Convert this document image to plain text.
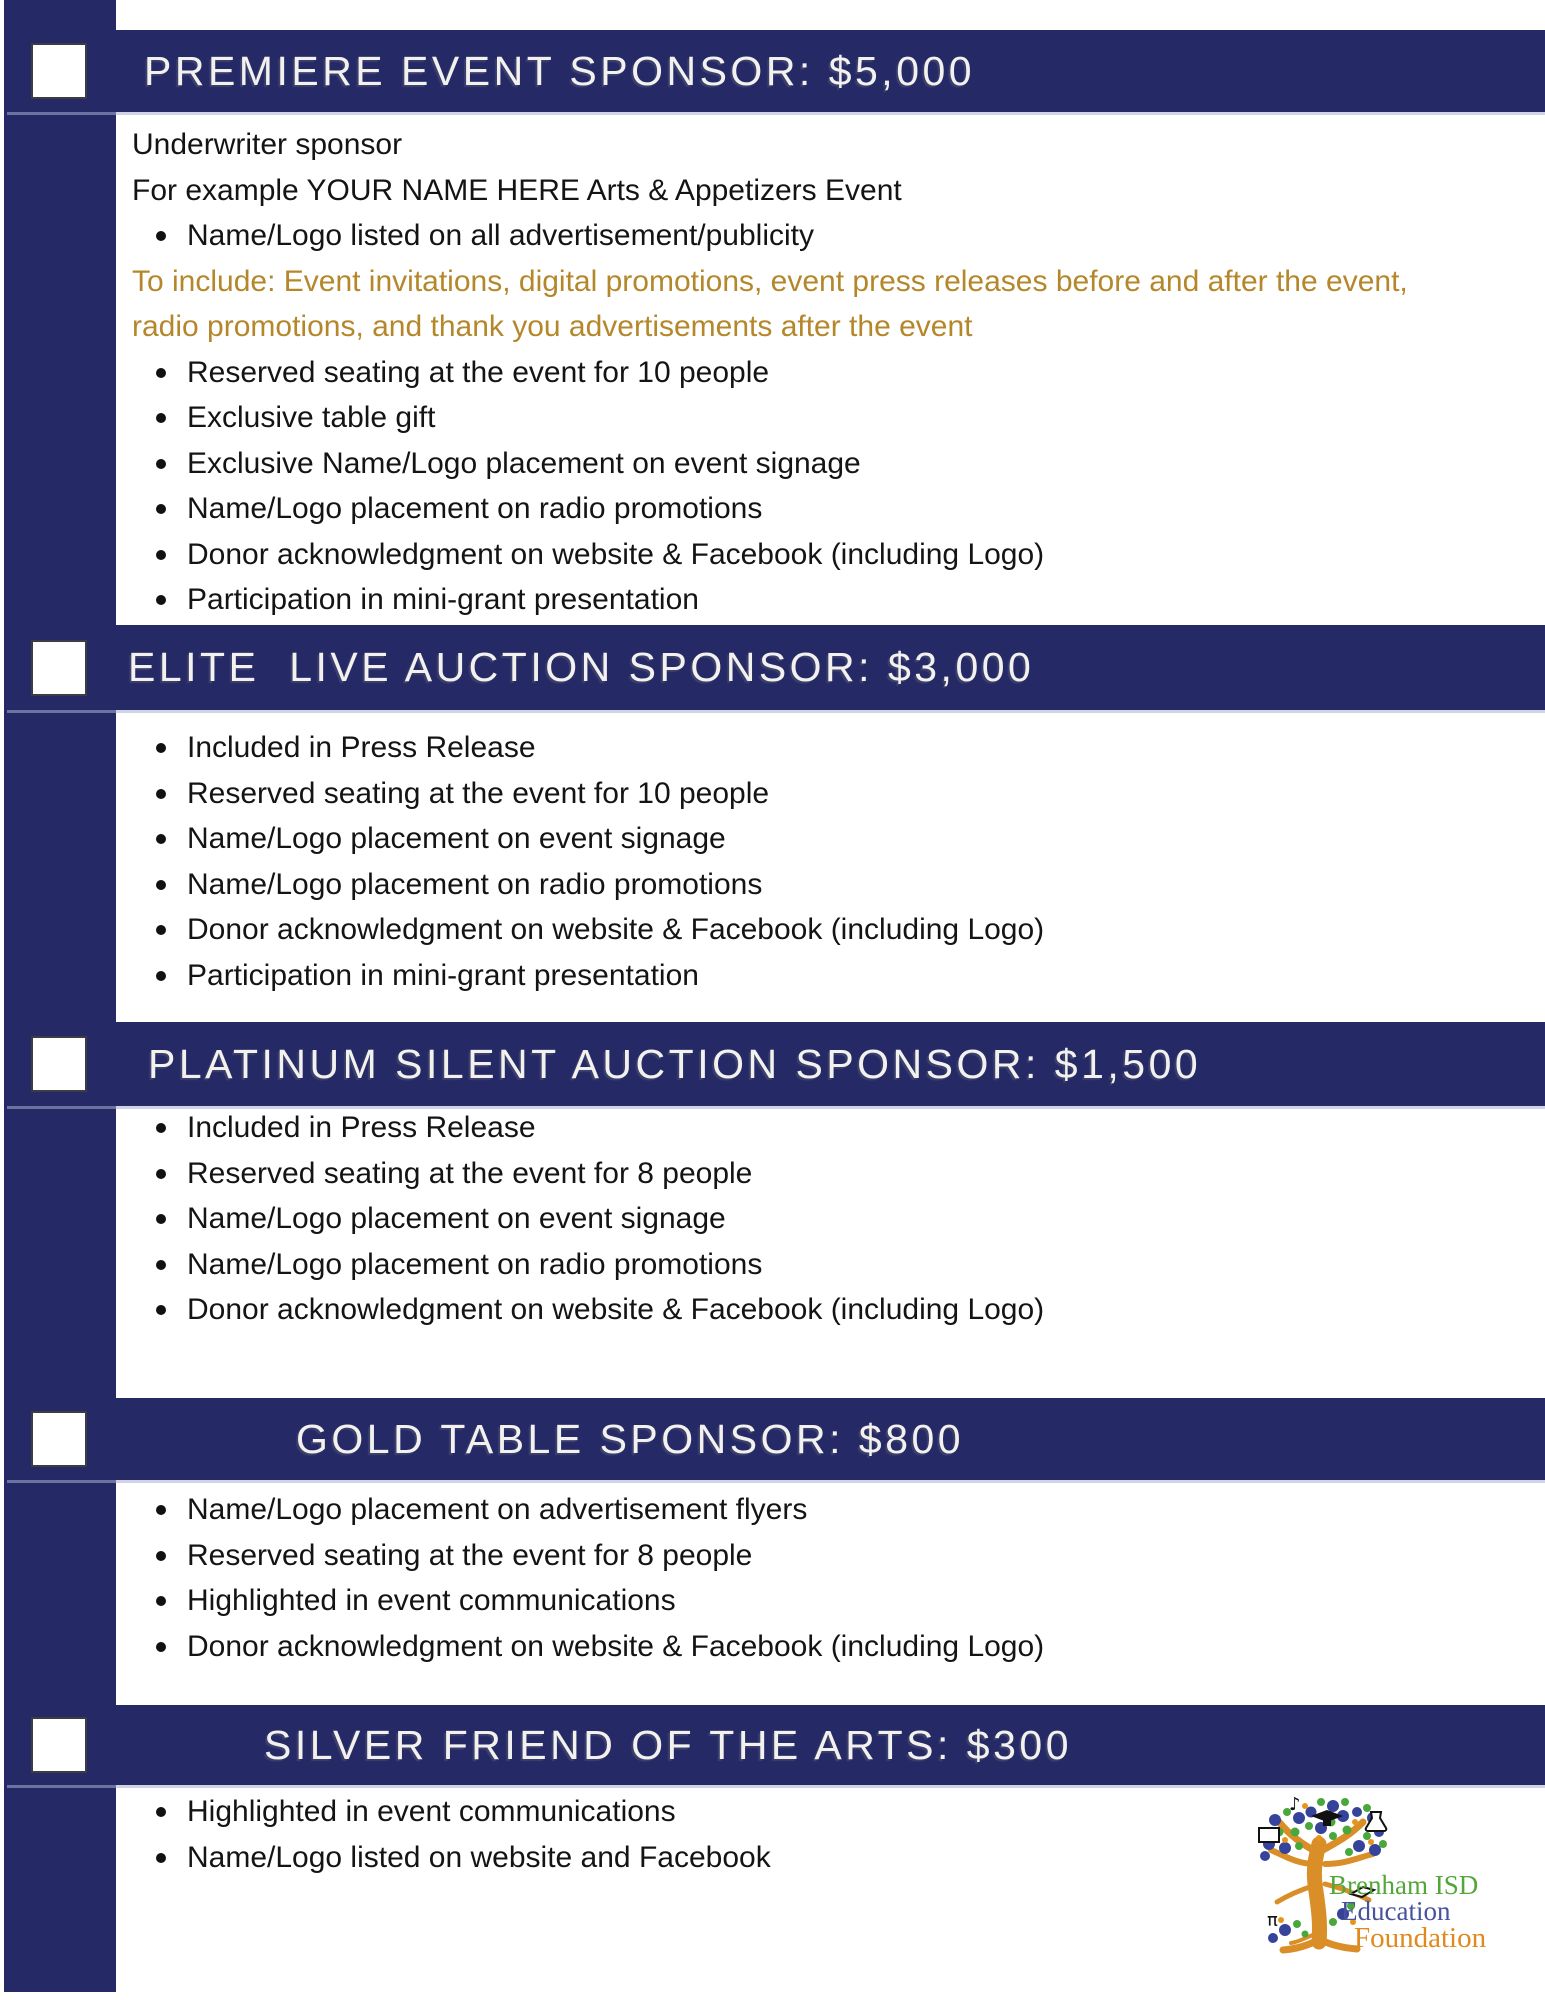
PREMIERE EVENT SPONSOR: $5,000

Underwriter sponsor

For example YOUR NAME HERE Arts & Appetizers Event

Name/Logo listed on all advertisement/publicity

To include: Event invitations, digital promotions, event press releases before and after the event, radio promotions, and thank you advertisements after the event

Reserved seating at the event for 10 people
Exclusive table gift
Exclusive Name/Logo placement on event signage
Name/Logo placement on radio promotions
Donor acknowledgment on website & Facebook (including Logo)
Participation in mini-grant presentation
ELITE  LIVE AUCTION SPONSOR: $3,000
Included in Press Release
Reserved seating at the event for 10 people
Name/Logo placement on event signage
Name/Logo placement on radio promotions
Donor acknowledgment on website & Facebook (including Logo)
Participation in mini-grant presentation
PLATINUM SILENT AUCTION SPONSOR: $1,500
Included in Press Release
Reserved seating at the event for 8 people
Name/Logo placement on event signage
Name/Logo placement on radio promotions
Donor acknowledgment on website & Facebook (including Logo)
GOLD TABLE SPONSOR: $800
Name/Logo placement on advertisement flyers
Reserved seating at the event for 8 people
Highlighted in event communications
Donor acknowledgment on website & Facebook (including Logo)
SILVER FRIEND OF THE ARTS: $300
Highlighted in event communications
Name/Logo listed on website and Facebook
♪
π
Brenham ISD
Education
Foundation
